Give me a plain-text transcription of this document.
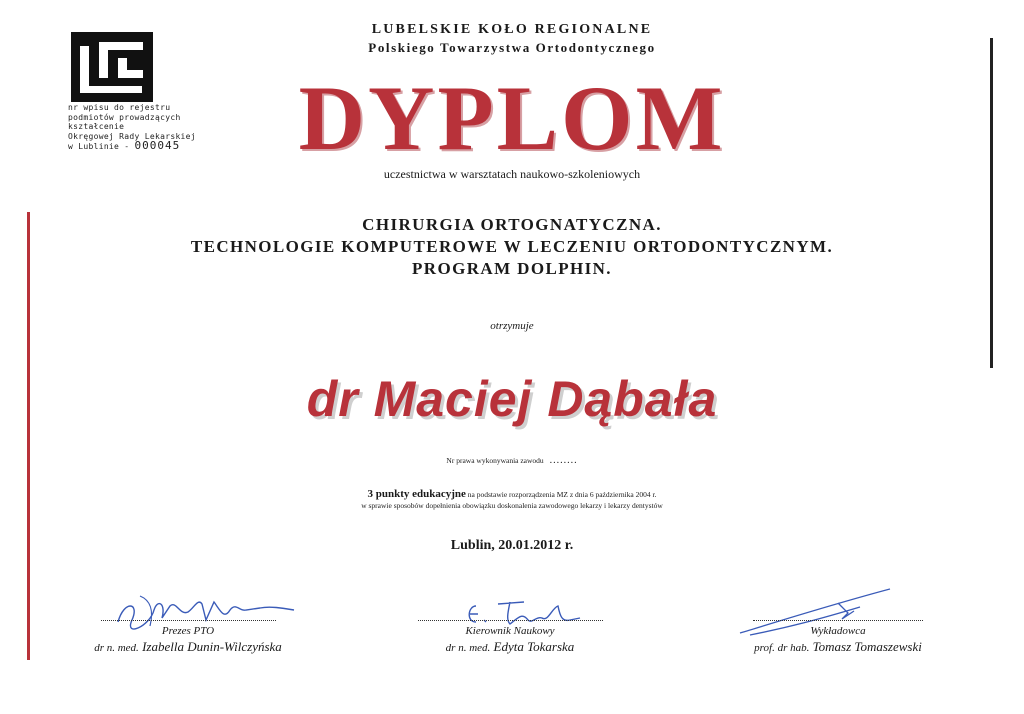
nr wpisu do rejestru
podmiotów prowadzących
kształcenie
Okręgowej Rady Lekarskiej
w Lublinie - 000045
LUBELSKIE KOŁO REGIONALNE
Polskiego Towarzystwa Ortodontycznego
DYPLOM
uczestnictwa w warsztatach naukowo-szkoleniowych
CHIRURGIA ORTOGNATYCZNA.
TECHNOLOGIE KOMPUTEROWE W LECZENIU ORTODONTYCZNYM.
PROGRAM DOLPHIN.
otrzymuje
dr Maciej Dąbała
Nr prawa wykonywania zawodu ........
3 punkty edukacyjne na podstawie rozporządzenia MZ z dnia 6 października 2004 r.
w sprawie sposobów dopełnienia obowiązku doskonalenia zawodowego lekarzy i lekarzy dentystów
Lublin, 20.01.2012 r.
Prezes PTO
dr n. med. Izabella Dunin-Wilczyńska
Kierownik Naukowy
dr n. med. Edyta Tokarska
Wykładowca
prof. dr hab. Tomasz Tomaszewski
